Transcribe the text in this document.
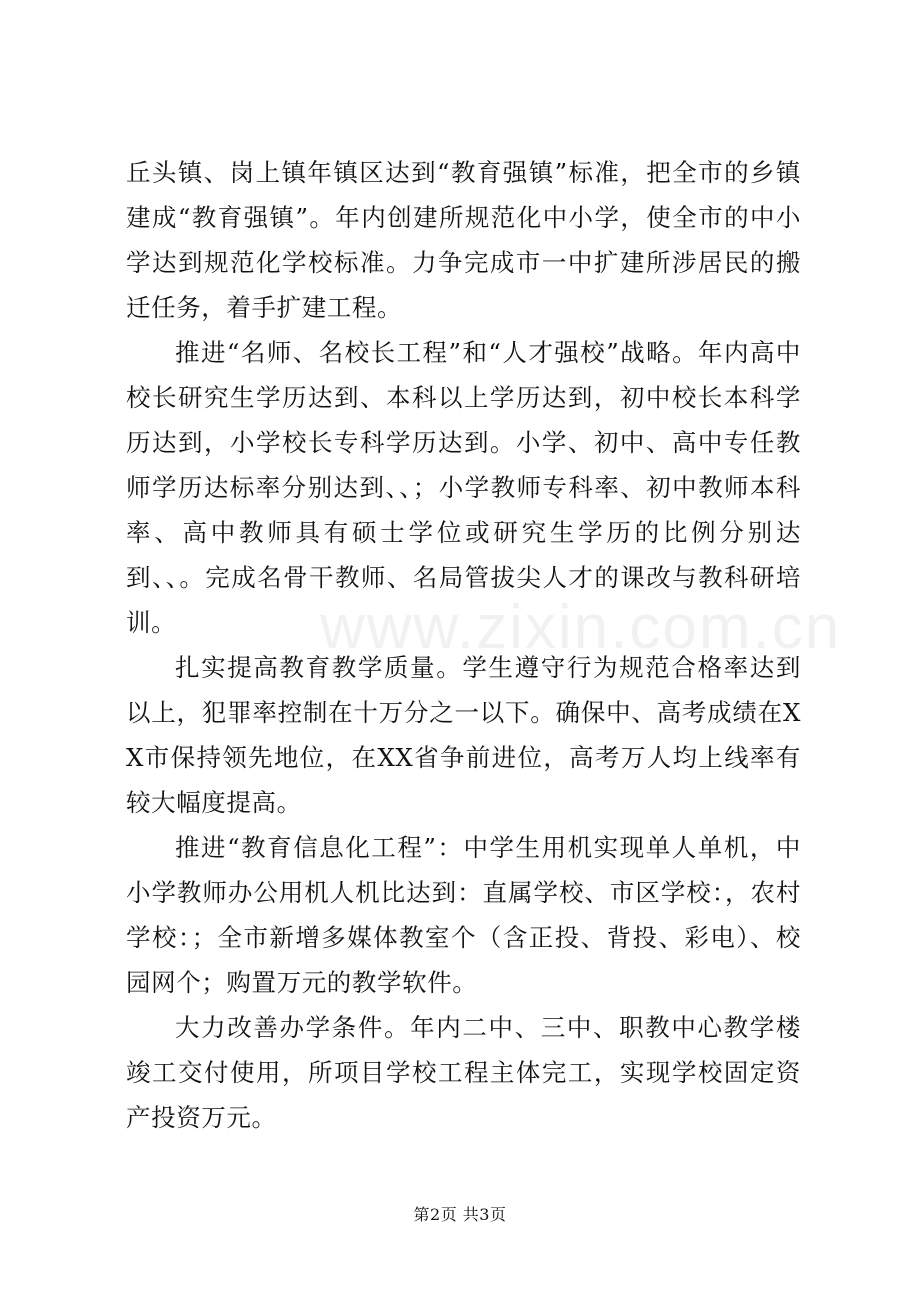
www.zixin.com.cn

丘头镇、岗上镇年镇区达到“教育强镇”标准，把全市的乡镇建成“教育强镇”。年内创建所规范化中小学，使全市的中小学达到规范化学校标准。力争完成市一中扩建所涉居民的搬迁任务，着手扩建工程。

推进“名师、名校长工程”和“人才强校”战略。年内高中校长研究生学历达到、本科以上学历达到，初中校长本科学历达到，小学校长专科学历达到。小学、初中、高中专任教师学历达标率分别达到、、；小学教师专科率、初中教师本科率、高中教师具有硕士学位或研究生学历的比例分别达到、、。完成名骨干教师、名局管拔尖人才的课改与教科研培训。

扎实提高教育教学质量。学生遵守行为规范合格率达到以上，犯罪率控制在十万分之一以下。确保中、高考成绩在XX市保持领先地位，在XX省争前进位，高考万人均上线率有较大幅度提高。

推进“教育信息化工程”：中学生用机实现单人单机，中小学教师办公用机人机比达到：直属学校、市区学校：，农村学校：；全市新增多媒体教室个（含正投、背投、彩电）、校园网个；购置万元的教学软件。

大力改善办学条件。年内二中、三中、职教中心教学楼竣工交付使用，所项目学校工程主体完工，实现学校固定资产投资万元。

第2页 共3页
